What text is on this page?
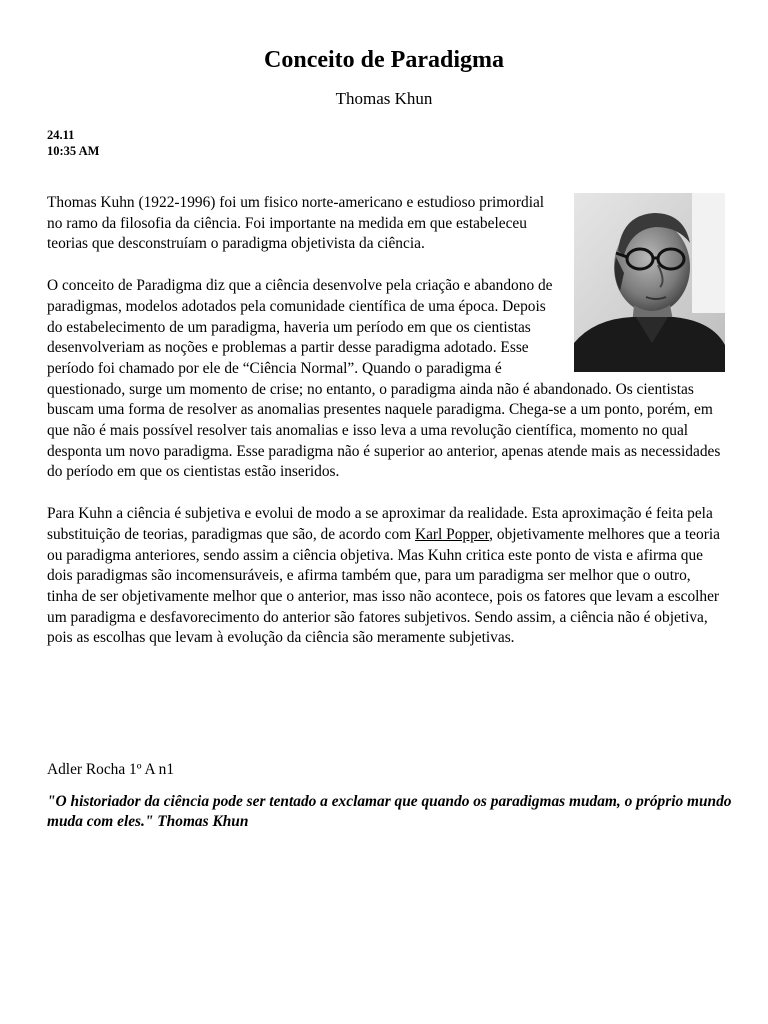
Conceito de Paradigma
Thomas Khun
24.11
10:35 AM

Thomas Kuhn (1922-1996) foi um fisico norte-americano e estudioso primordial no ramo da filosofia da ciência. Foi importante na medida em que estabeleceu teorias que desconstruíam o paradigma objetivista da ciência.

O conceito de Paradigma diz que a ciência desenvolve pela criação e abandono de paradigmas, modelos adotados pela comunidade científica de uma época. Depois do estabelecimento de um paradigma, haveria um período em que os cientistas desenvolveriam as noções e problemas a partir desse paradigma adotado. Esse período foi chamado por ele de “Ciência Normal”. Quando o paradigma é questionado, surge um momento de crise; no entanto, o paradigma ainda não é abandonado. Os cientistas buscam uma forma de resolver as anomalias presentes naquele paradigma. Chega-se a um ponto, porém, em que não é mais possível resolver tais anomalias e isso leva a uma revolução científica, momento no qual desponta um novo paradigma. Esse paradigma não é superior ao anterior, apenas atende mais as necessidades do período em que os cientistas estão inseridos.

Para Kuhn a ciência é subjetiva e evolui de modo a se aproximar da realidade. Esta aproximação é feita pela substituição de teorias, paradigmas que são, de acordo com Karl Popper, objetivamente melhores que a teoria ou paradigma anteriores, sendo assim a ciência objetiva. Mas Kuhn critica este ponto de vista e afirma que dois paradigmas são incomensuráveis, e afirma também que, para um paradigma ser melhor que o outro, tinha de ser objetivamente melhor que o anterior, mas isso não acontece, pois os fatores que levam a escolher um paradigma e desfavorecimento do anterior são fatores subjetivos. Sendo assim, a ciência não é objetiva, pois as escolhas que levam à evolução da ciência são meramente subjetivas.

Adler Rocha 1º A n1
"O historiador da ciência pode ser tentado a exclamar que quando os paradigmas mudam, o próprio mundo muda com eles." Thomas Khun
